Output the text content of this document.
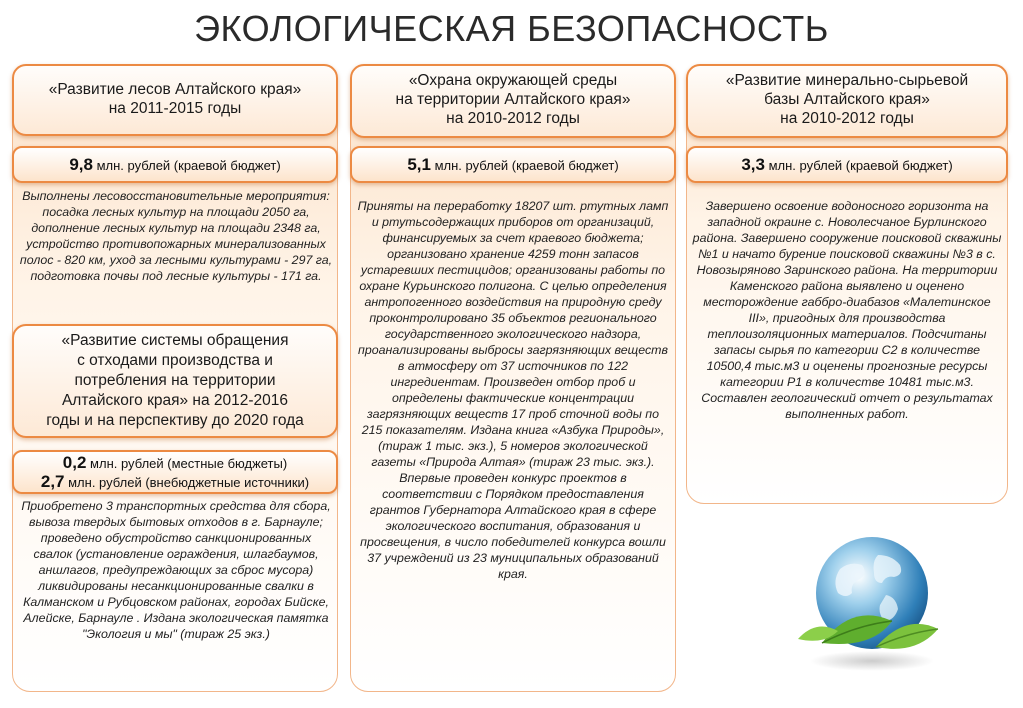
ЭКОЛОГИЧЕСКАЯ БЕЗОПАСНОСТЬ
«Развитие лесов Алтайского края»
на 2011-2015 годы
9,8 млн. рублей (краевой бюджет)
Выполнены лесовосстановительные мероприятия: посадка лесных культур на площади 2050 га, дополнение лесных культур на площади 2348 га, устройство противопожарных минерализованных полос - 820 км, уход за лесными культурами - 297 га, подготовка почвы под лесные культуры - 171 га.
«Развитие системы обращения
с отходами производства и
потребления на территории
Алтайского края» на 2012-2016
годы и на перспективу до 2020 года
0,2 млн. рублей (местные бюджеты)
2,7 млн. рублей (внебюджетные источники)
Приобретено 3 транспортных средства для сбора, вывоза твердых бытовых отходов в г. Барнауле; проведено обустройство санкционированных свалок (установление ограждения, шлагбаумов, аншлагов, предупреждающих за сброс мусора) ликвидированы несанкционированные свалки в Калманском и Рубцовском районах, городах Бийске, Алейске, Барнауле . Издана экологическая памятка "Экология и мы" (тираж 25 экз.)
«Охрана окружающей среды
на территории Алтайского края»
на 2010-2012 годы
5,1 млн. рублей (краевой бюджет)
Приняты на переработку 18207 шт. ртутных ламп и ртутьсодержащих приборов от организаций, финансируемых за счет краевого бюджета; организовано хранение 4259 тонн запасов устаревших пестицидов; организованы работы по охране Курьинского полигона. С целью определения антропогенного воздействия на природную среду проконтролировано 35 объектов регионального государственного экологического надзора, проанализированы выбросы загрязняющих веществ в атмосферу от 37 источников по 122 ингредиентам. Произведен отбор проб и определены фактические концентрации загрязняющих веществ 17 проб сточной воды по 215 показателям. Издана книга «Азбука Природы», (тираж 1 тыс. экз.), 5 номеров экологической газеты «Природа Алтая» (тираж 23 тыс. экз.). Впервые проведен конкурс проектов в соответствии с Порядком предоставления грантов Губернатора Алтайского края в сфере экологического воспитания, образования и просвещения, в число победителей конкурса вошли 37 учреждений из 23 муниципальных образований края.
«Развитие минерально-сырьевой
базы Алтайского края»
на 2010-2012 годы
3,3 млн. рублей (краевой бюджет)
Завершено освоение водоносного горизонта на западной окраине с. Новолесчаное Бурлинского района. Завершено сооружение поисковой скважины №1 и начато бурение поисковой скважины №3 в с. Новозыряново Заринского района. На территории Каменского района выявлено и оценено месторождение габбро-диабазов «Малетинское III», пригодных для производства теплоизоляционных материалов. Подсчитаны запасы сырья по категории С2 в количестве 10500,4 тыс.м3 и оценены прогнозные ресурсы категории Р1 в количестве 10481 тыс.м3. Составлен геологический отчет о результатах выполненных работ.
